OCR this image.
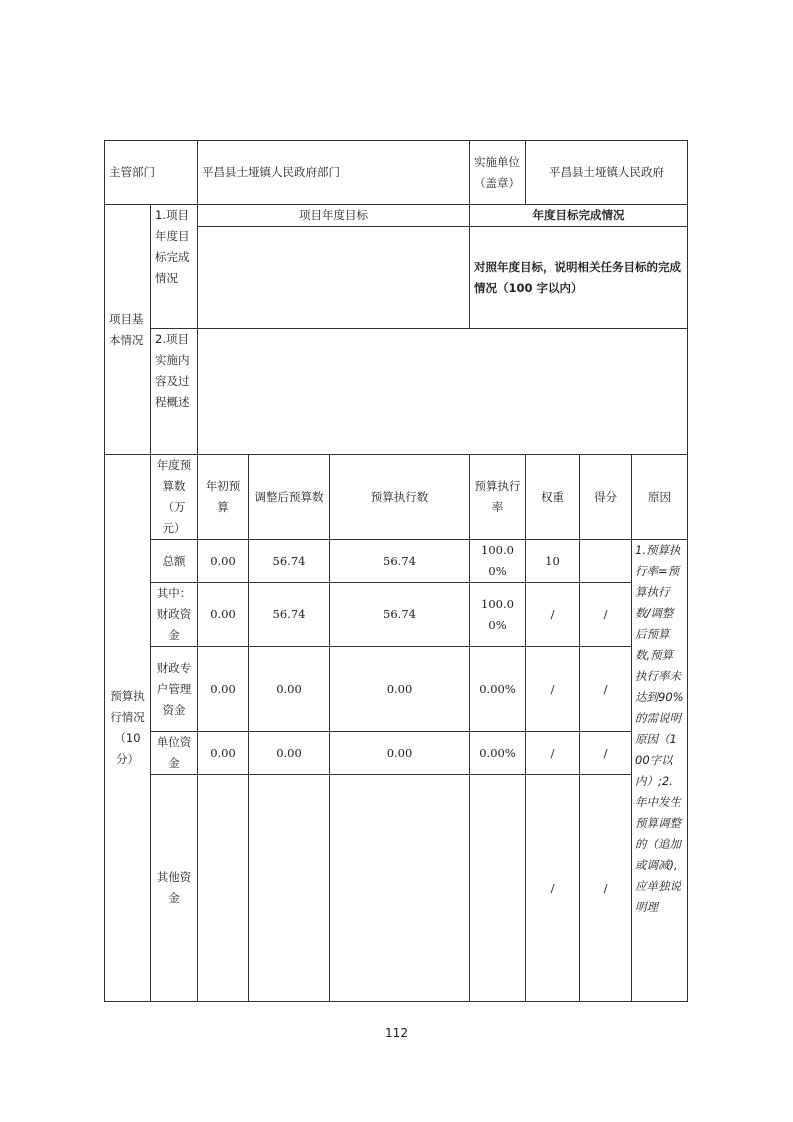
主管部门		平昌县土垭镇人民政府部门			实施单位（盖章）	平昌县土垭镇人民政府		
项目基本情况	1.项目年度目标完成情况	项目年度目标			年度目标完成情况			
					对照年度目标，说明相关任务目标的完成情况（100 字以内）			
	2.项目实施内容及过程概述							
预算执行情况（10分）	年度预算数（万元）	年初预算	调整后预算数	预算执行数	预算执行率	权重	得分	原因
	总额	0.00	56.74	56.74	100.00%	10		1.预算执行率=预算执行数/调整后预算数,预算执行率未达到90%的需说明原因（100字以内）;2.年中发生预算调整的（追加或调减),应单独说明理
	其中：财政资金	0.00	56.74	56.74	100.00%	/	/	
	财政专户管理资金	0.00	0.00	0.00	0.00%	/	/	
	单位资金	0.00	0.00	0.00	0.00%	/	/	
	其他资金					/	/	
112
